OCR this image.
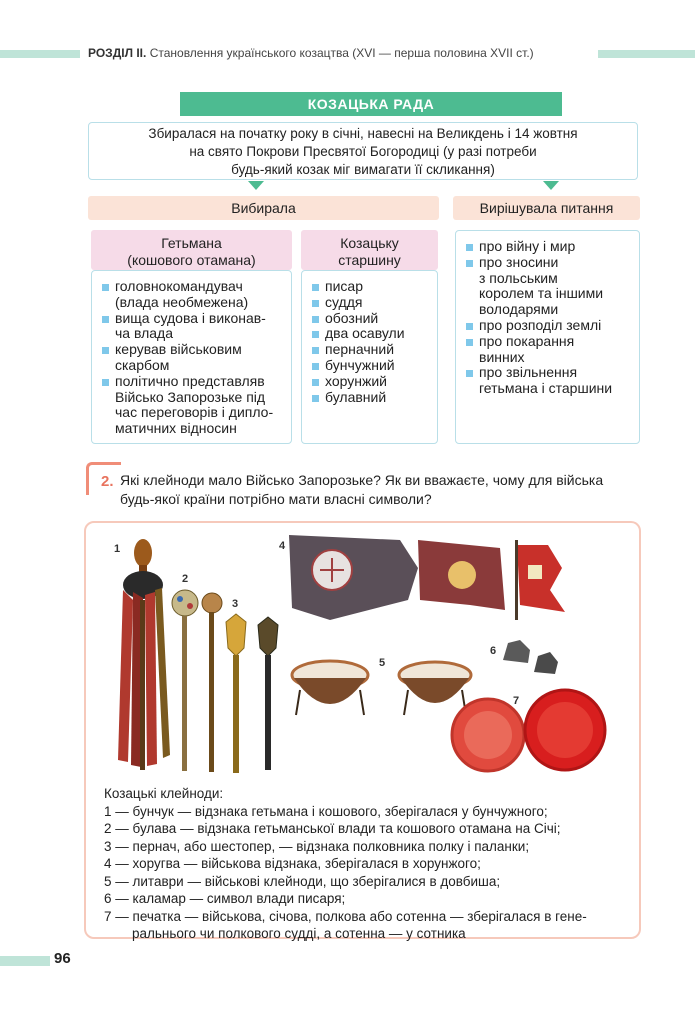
РОЗДІЛ II. Становлення українського козацтва (XVI — перша половина XVII ст.)
КОЗАЦЬКА РАДА
Збиралася на початку року в січні, навесні на Великдень і 14 жовтня
на свято Покрови Пресвятої Богородиці (у разі потреби
будь-який козак міг вимагати її скликання)
Вибирала	Вирішувала питання
Гетьмана
(кошового отамана)
Козацьку
старшину
головнокомандувач
(влада необмежена)
вища судова і виконав-
ча влада
керував військовим
скарбом
політично представляв
Військо Запорозьке під
час переговорів і дипло-
матичних відносин
писар
суддя
обозний
два осавули
перначний
бунчужний
хорунжий
булавний
про війну і мир
про зносини
з польським
королем та іншими
володарями
про розподіл землі
про покарання
винних
про звільнення
гетьмана і старшини
2. Які клейноди мало Військо Запорозьке? Як ви вважаєте, чому для війська
будь-якої країни потрібно мати власні символи?
1
2
3
4
5
6
7
Козацькі клейноди:
1 — бунчук — відзнака гетьмана і кошового, зберігалася у бунчужного;
2 — булава — відзнака гетьманської влади та кошового отамана на Січі;
3 — пернач, або шестопер, — відзнака полковника полку і паланки;
4 — хоругва — військова відзнака, зберігалася в хорунжого;
5 — литаври — військові клейноди, що зберігалися в довбиша;
6 — каламар — символ влади писаря;
7 — печатка — військова, січова, полкова або сотенна — зберігалася в гене-
ральнього чи полкового судді, а сотенна — у сотника
96
